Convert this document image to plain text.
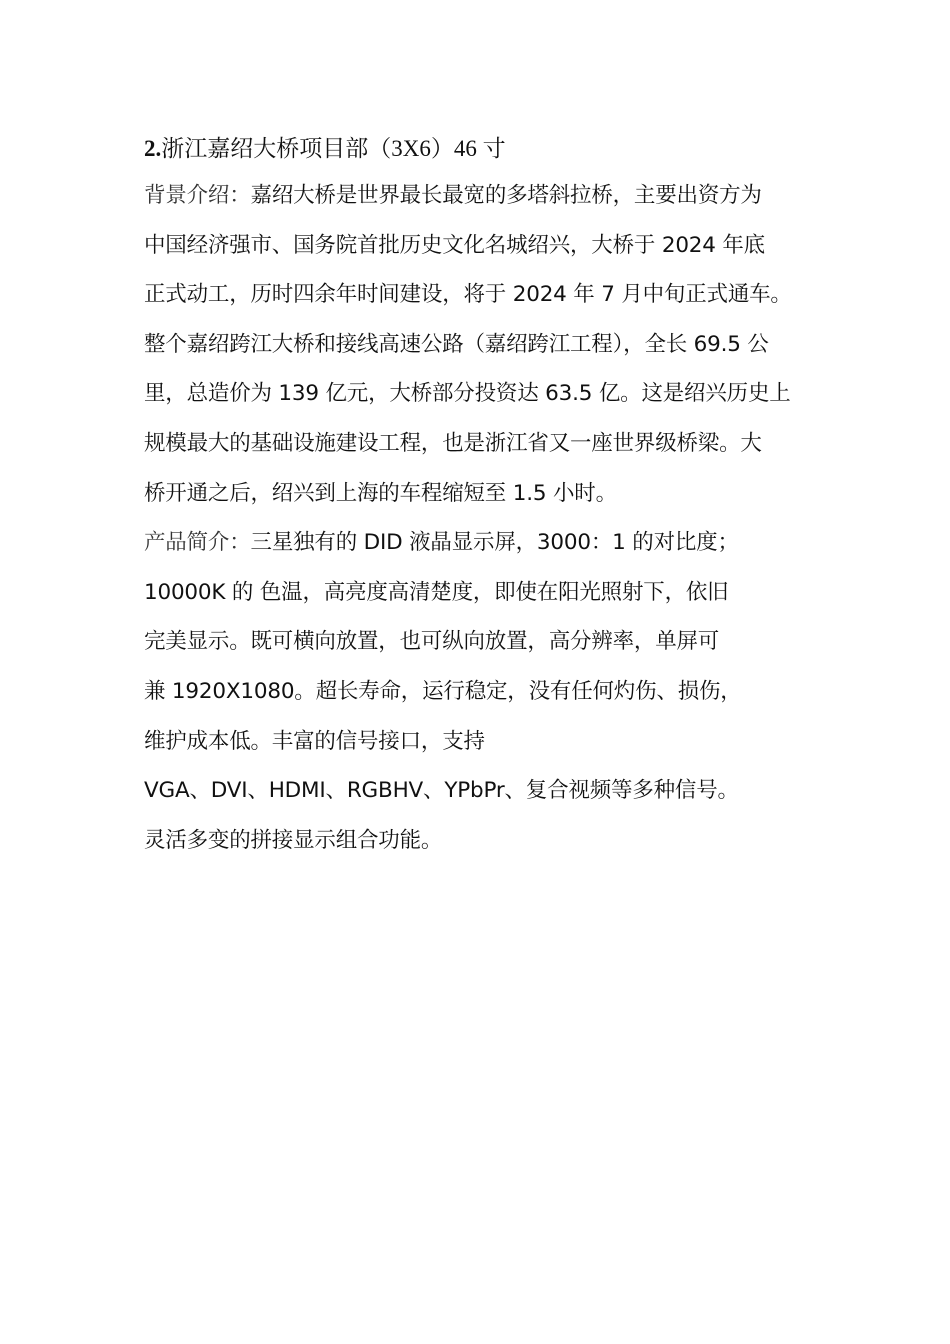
2.浙江嘉绍大桥项目部（3X6）46 寸

背景介绍：嘉绍大桥是世界最长最宽的多塔斜拉桥，主要出资方为

中国经济强市、国务院首批历史文化名城绍兴，大桥于 2024 年底

正式动工，历时四余年时间建设，将于 2024 年 7 月中旬正式通车。

整个嘉绍跨江大桥和接线高速公路（嘉绍跨江工程），全长 69.5 公

里，总造价为 139 亿元，大桥部分投资达 63.5 亿。这是绍兴历史上

规模最大的基础设施建设工程，也是浙江省又一座世界级桥梁。大

桥开通之后，绍兴到上海的车程缩短至 1.5 小时。

产品简介：三星独有的 DID 液晶显示屏，3000：1 的对比度；

10000K 的 色温，高亮度高清楚度，即使在阳光照射下，依旧

完美显示。既可横向放置，也可纵向放置，高分辨率，单屏可

兼 1920X1080。超长寿命，运行稳定，没有任何灼伤、损伤，

维护成本低。丰富的信号接口，支持

VGA、DVI、HDMI、RGBHV、YPbPr、复合视频等多种信号。

灵活多变的拼接显示组合功能。
